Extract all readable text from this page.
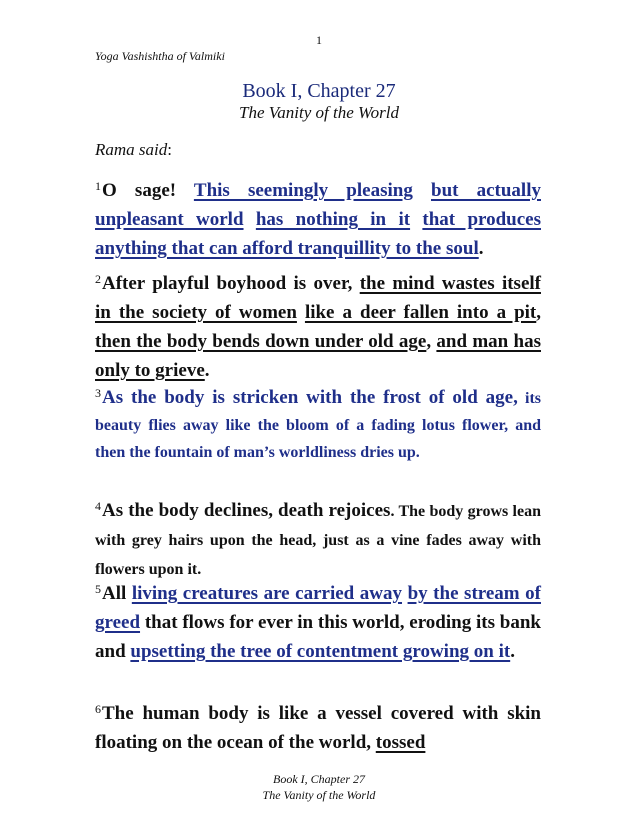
1
Yoga Vashishtha of Valmiki
Book I, Chapter 27
The Vanity of the World
Rama said:
$^1$O sage! This seemingly pleasing but actually unpleasant world has nothing in it that produces anything that can afford tranquillity to the soul.
$^2$After playful boyhood is over, the mind wastes itself in the society of women like a deer fallen into a pit, then the body bends down under old age, and man has only to grieve.
$^3$As the body is stricken with the frost of old age, its beauty flies away like the bloom of a fading lotus flower, and then the fountain of man’s worldliness dries up.
$^4$As the body declines, death rejoices. The body grows lean with grey hairs upon the head, just as a vine fades away with flowers upon it.
$^5$All living creatures are carried away by the stream of greed that flows for ever in this world, eroding its bank and upsetting the tree of contentment growing on it.
$^6$The human body is like a vessel covered with skin floating on the ocean of the world, tossed
Book I, Chapter 27
The Vanity of the World
